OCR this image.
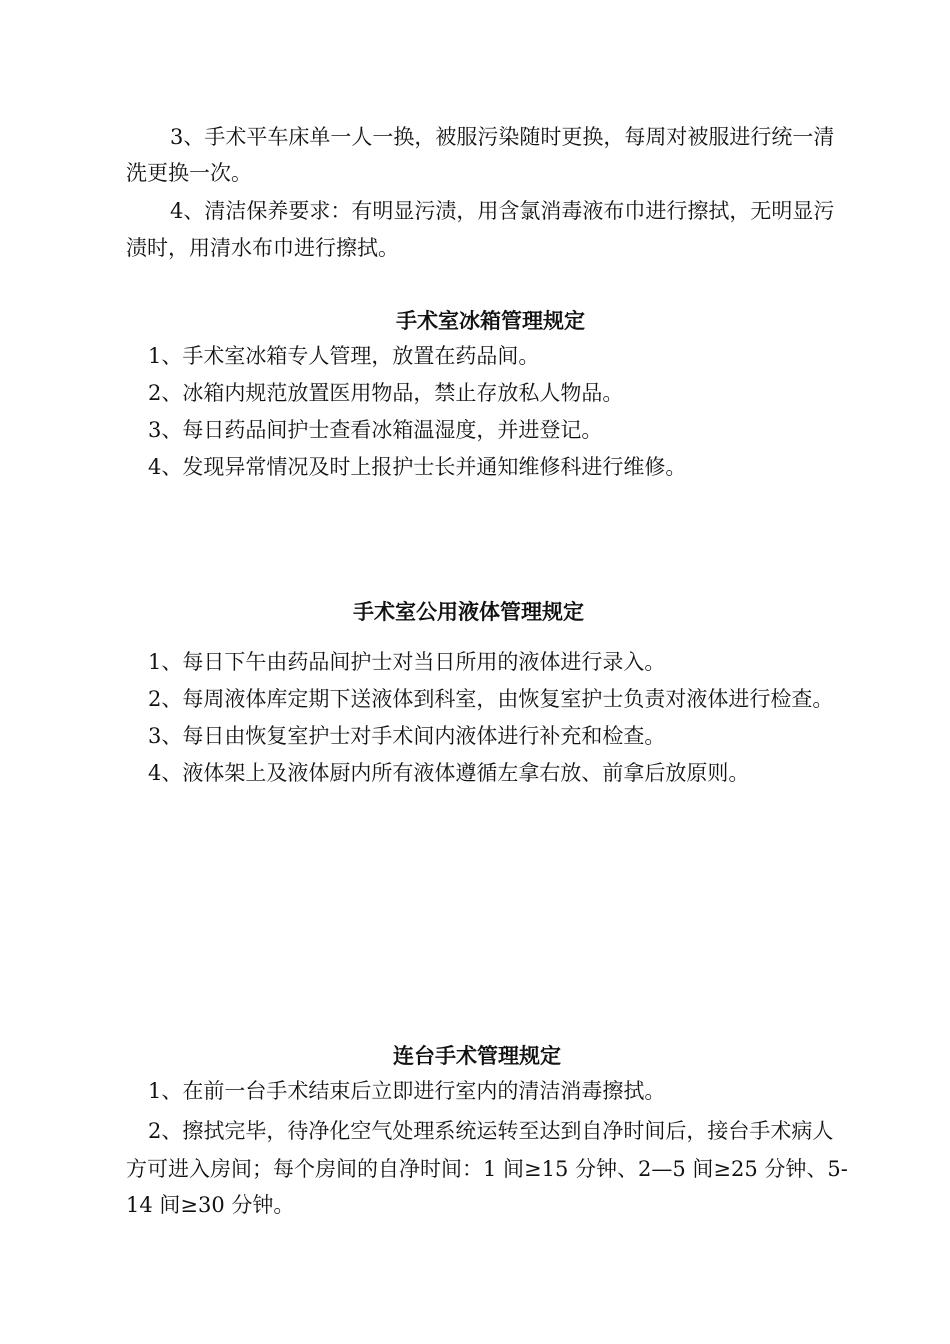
3、手术平车床单一人一换，被服污染随时更换，每周对被服进行统一清
洗更换一次。
4、清洁保养要求：有明显污渍，用含氯消毒液布巾进行擦拭，无明显污
渍时，用清水布巾进行擦拭。
手术室冰箱管理规定
1、手术室冰箱专人管理，放置在药品间。
2、冰箱内规范放置医用物品，禁止存放私人物品。
3、每日药品间护士查看冰箱温湿度，并进登记。
4、发现异常情况及时上报护士长并通知维修科进行维修。
手术室公用液体管理规定
1、每日下午由药品间护士对当日所用的液体进行录入。
2、每周液体库定期下送液体到科室，由恢复室护士负责对液体进行检查。
3、每日由恢复室护士对手术间内液体进行补充和检查。
4、液体架上及液体厨内所有液体遵循左拿右放、前拿后放原则。
连台手术管理规定
1、在前一台手术结束后立即进行室内的清洁消毒擦拭。
2、擦拭完毕，待净化空气处理系统运转至达到自净时间后，接台手术病人
方可进入房间；每个房间的自净时间：1 间≥15 分钟、2—5 间≥25 分钟、5-
14 间≥30 分钟。
